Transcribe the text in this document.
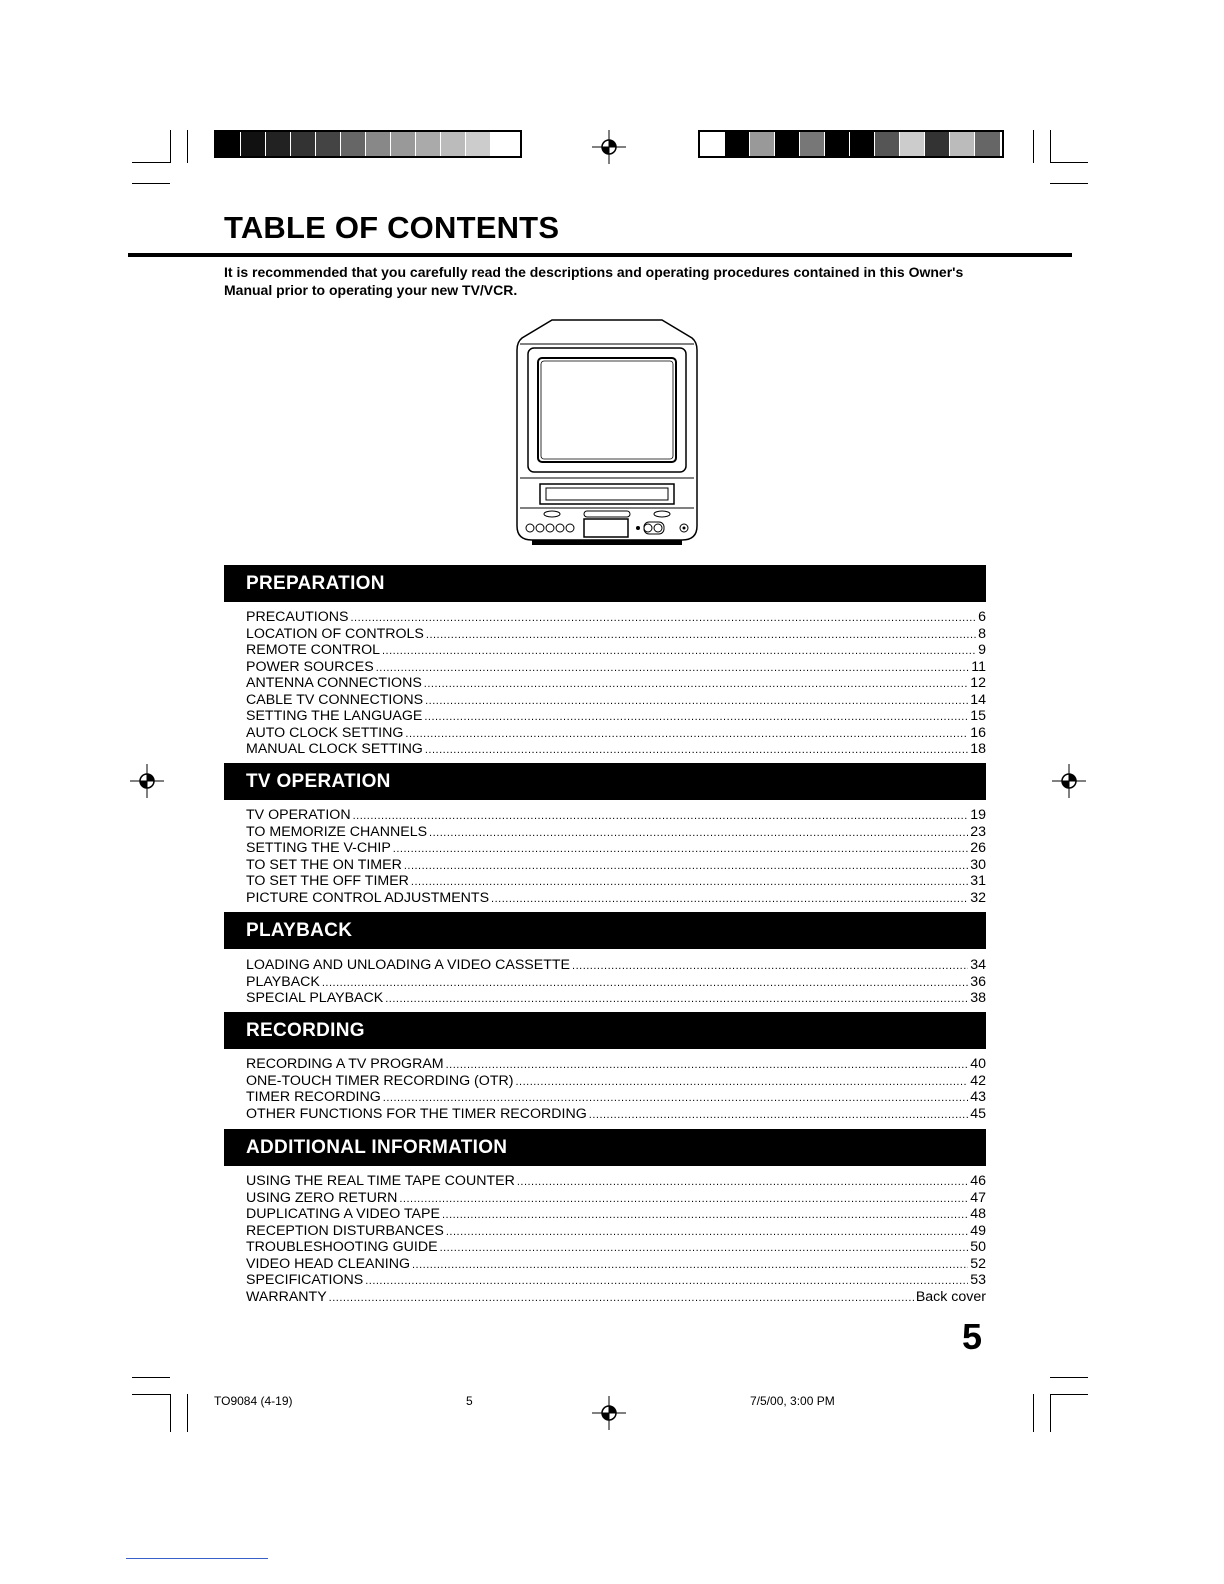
TABLE OF CONTENTS
It is recommended that you carefully read the descriptions and operating procedures contained in this Owner's Manual prior to operating your new TV/VCR.
PREPARATION
PRECAUTIONS .....	6
LOCATION OF CONTROLS .....	8
REMOTE CONTROL .....	9
POWER SOURCES .....	11
ANTENNA CONNECTIONS .....	12
CABLE TV CONNECTIONS .....	14
SETTING THE LANGUAGE .....	15
AUTO CLOCK SETTING .....	16
MANUAL CLOCK SETTING .....	18
TV OPERATION
TV OPERATION .....	19
TO MEMORIZE CHANNELS .....	23
SETTING THE V-CHIP .....	26
TO SET THE ON TIMER .....	30
TO SET THE OFF TIMER .....	31
PICTURE CONTROL ADJUSTMENTS .....	32
PLAYBACK
LOADING AND UNLOADING A VIDEO CASSETTE .....	34
PLAYBACK .....	36
SPECIAL PLAYBACK .....	38
RECORDING
RECORDING A TV PROGRAM .....	40
ONE-TOUCH TIMER RECORDING (OTR) .....	42
TIMER RECORDING .....	43
OTHER FUNCTIONS FOR THE TIMER RECORDING .....	45
ADDITIONAL INFORMATION
USING THE REAL TIME TAPE COUNTER .....	46
USING ZERO RETURN .....	47
DUPLICATING A VIDEO TAPE .....	48
RECEPTION DISTURBANCES .....	49
TROUBLESHOOTING GUIDE .....	50
VIDEO HEAD CLEANING .....	52
SPECIFICATIONS .....	53
WARRANTY .....	Back cover
5
TO9084 (4-19)	5	7/5/00, 3:00 PM
